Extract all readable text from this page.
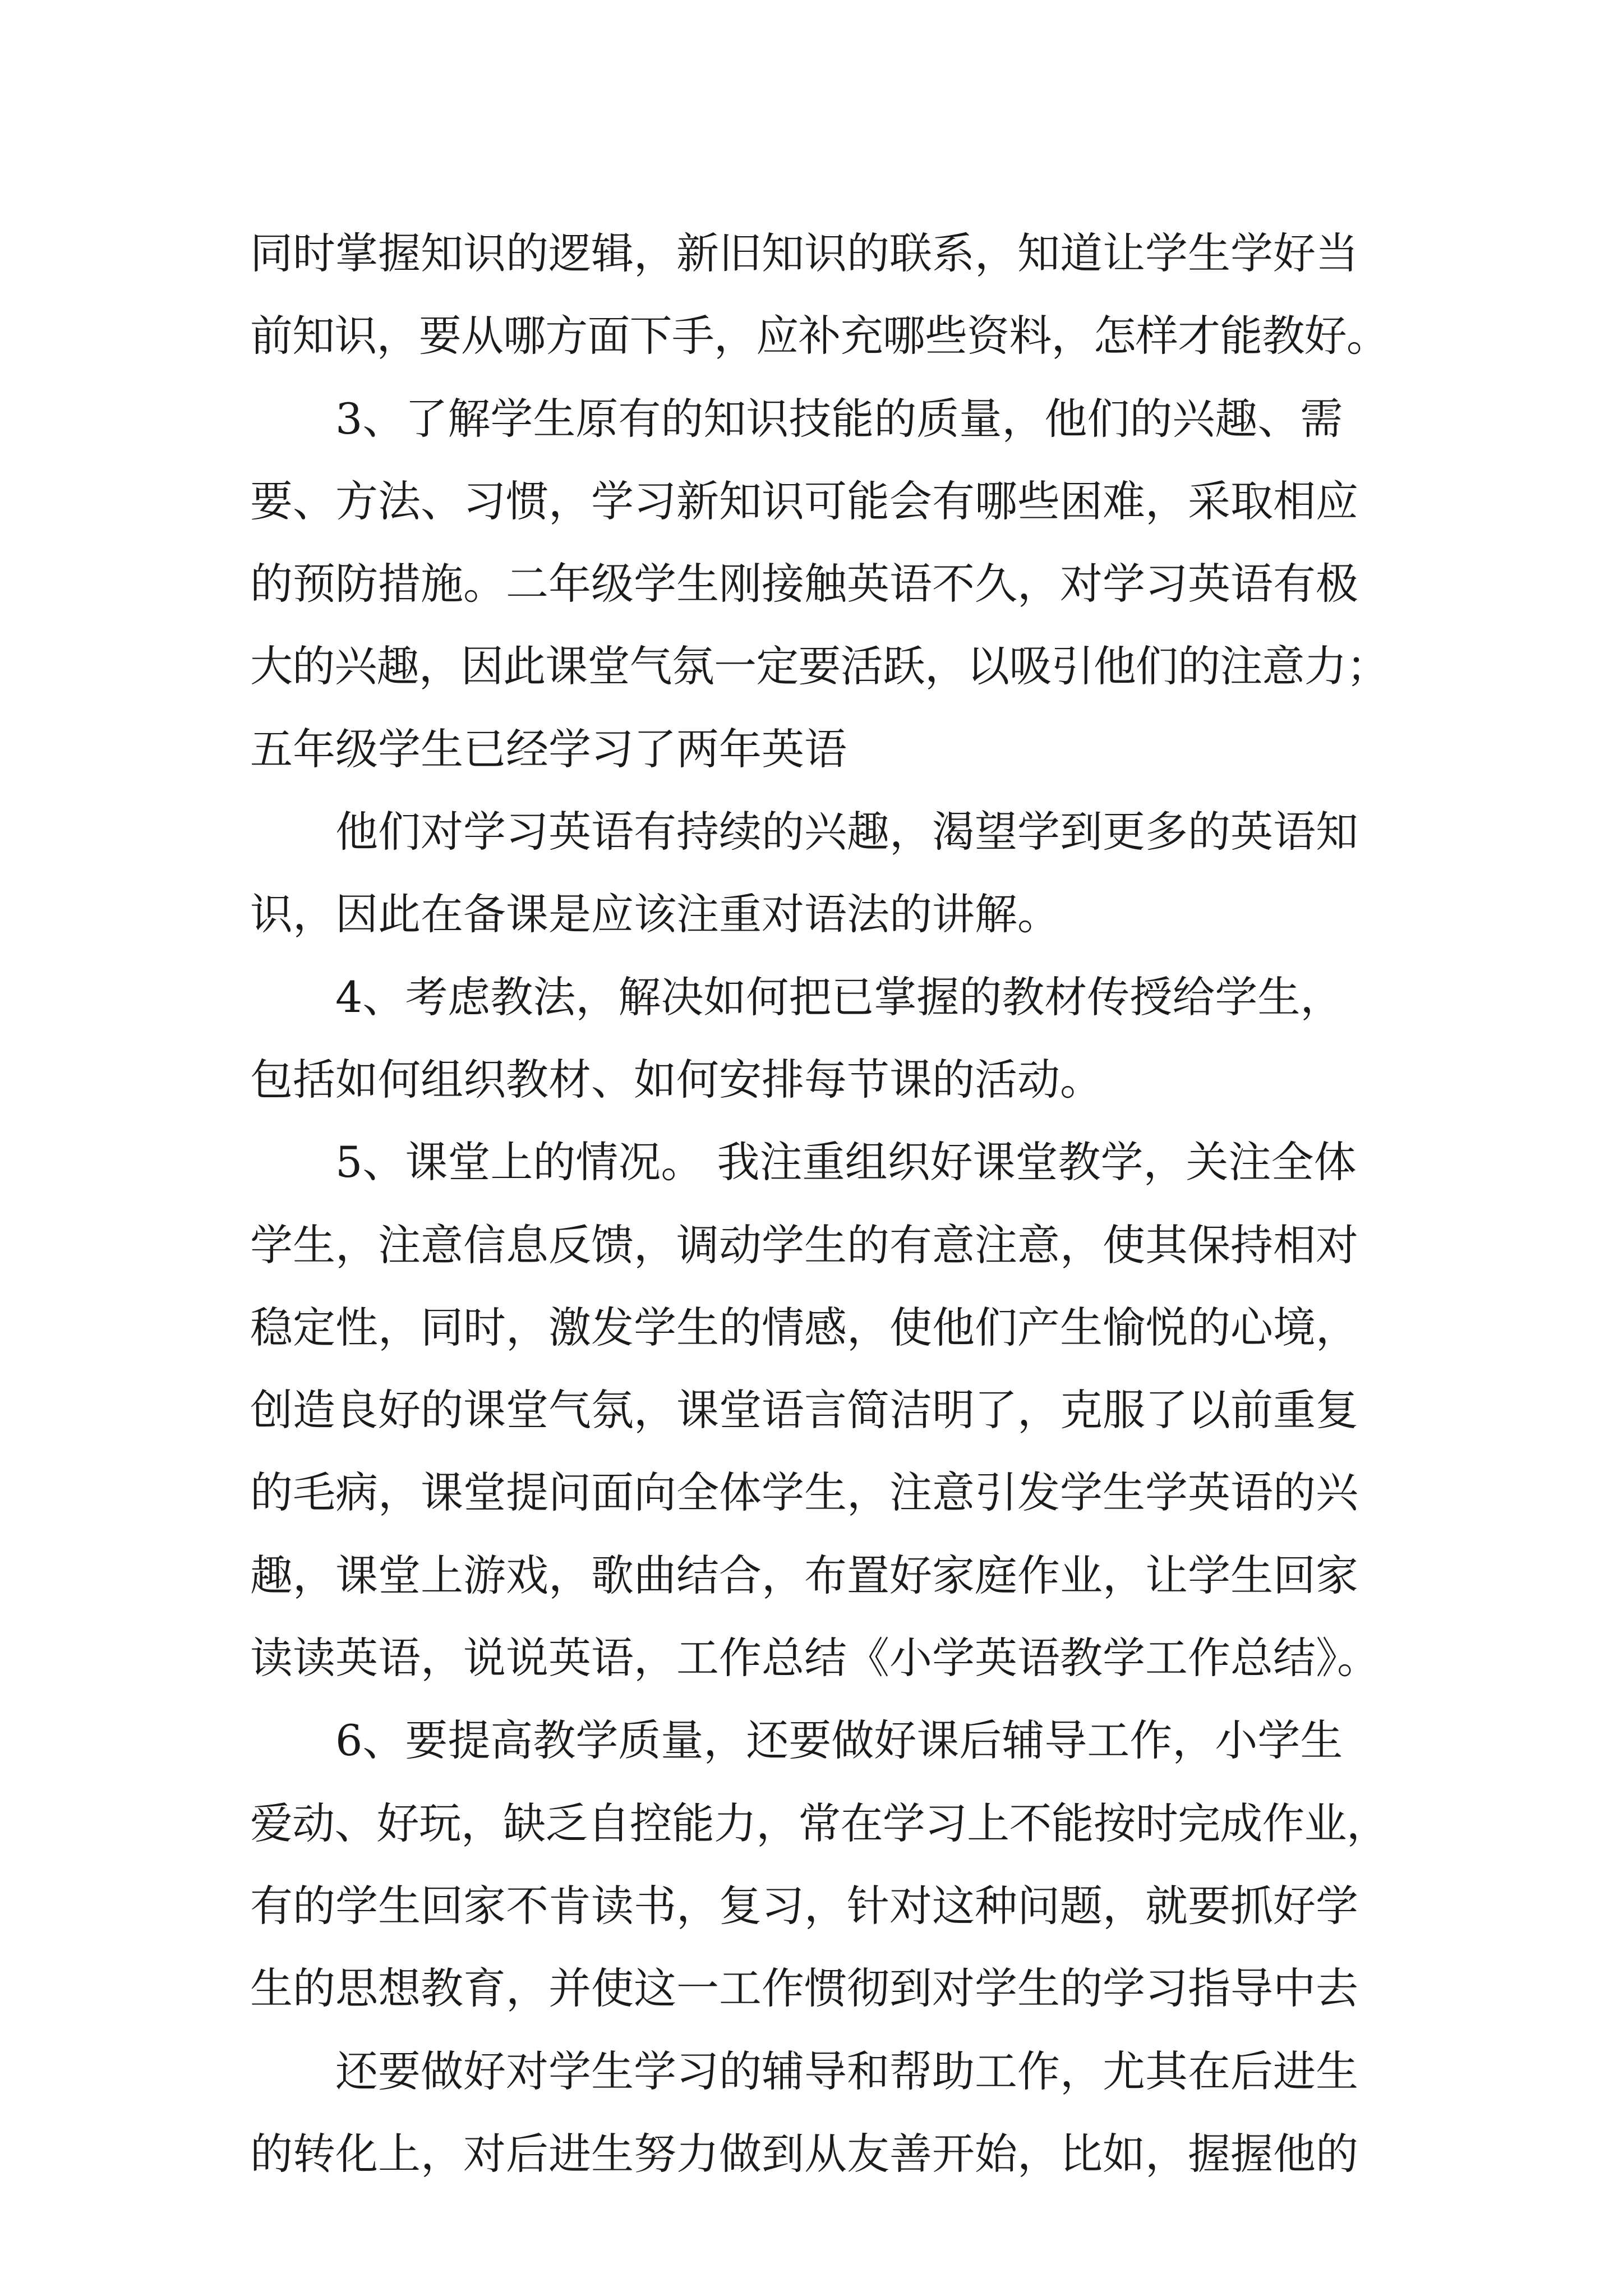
同时掌握知识的逻辑，新旧知识的联系，知道让学生学好当
前知识，要从哪方面下手，应补充哪些资料，怎样才能教好。
3、了解学生原有的知识技能的质量，他们的兴趣、需
要、方法、习惯，学习新知识可能会有哪些困难，采取相应
的预防措施。二年级学生刚接触英语不久，对学习英语有极
大的兴趣，因此课堂气氛一定要活跃，以吸引他们的注意力；
五年级学生已经学习了两年英语
他们对学习英语有持续的兴趣，渴望学到更多的英语知
识，因此在备课是应该注重对语法的讲解。
4、考虑教法，解决如何把已掌握的教材传授给学生，
包括如何组织教材、如何安排每节课的活动。
5、课堂上的情况。 我注重组织好课堂教学，关注全体
学生，注意信息反馈，调动学生的有意注意，使其保持相对
稳定性，同时，激发学生的情感，使他们产生愉悦的心境，
创造良好的课堂气氛，课堂语言简洁明了，克服了以前重复
的毛病，课堂提问面向全体学生，注意引发学生学英语的兴
趣，课堂上游戏，歌曲结合，布置好家庭作业，让学生回家
读读英语，说说英语，工作总结《小学英语教学工作总结》。
6、要提高教学质量，还要做好课后辅导工作，小学生
爱动、好玩，缺乏自控能力，常在学习上不能按时完成作业，
有的学生回家不肯读书，复习，针对这种问题，就要抓好学
生的思想教育，并使这一工作惯彻到对学生的学习指导中去
还要做好对学生学习的辅导和帮助工作，尤其在后进生
的转化上，对后进生努力做到从友善开始，比如，握握他的
